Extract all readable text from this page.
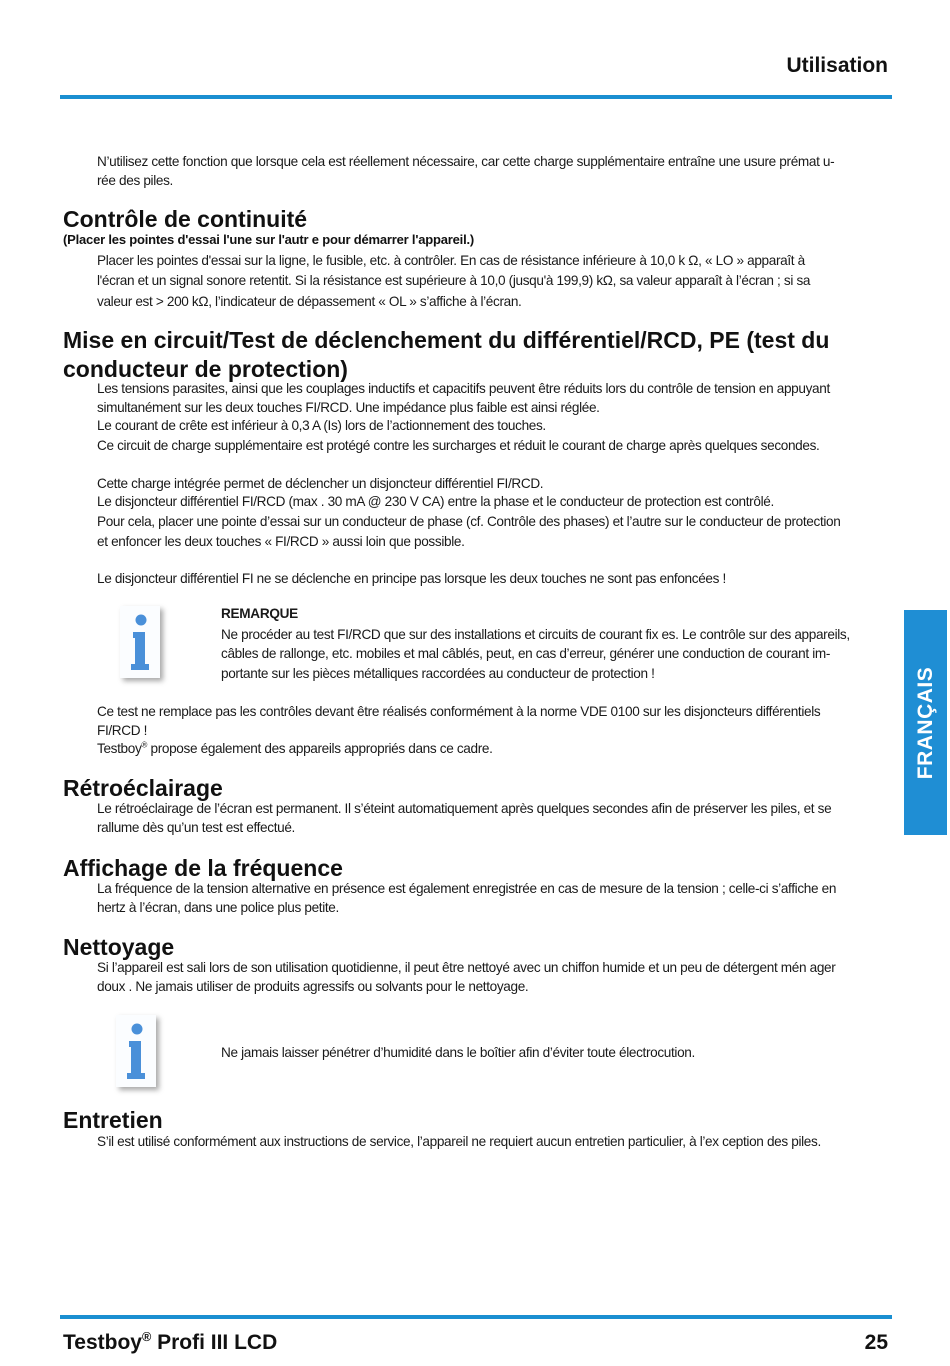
Utilisation
FRANÇAIS

N’utilisez cette fonction que lorsque cela est réellement nécessaire, car cette charge supplémentaire entraîne une usure prémat u-

rée des piles.

Contrôle de continuité
(Placer les pointes d'essai l'une sur l'autr e pour démarrer l'appareil.)

Placer les pointes d'essai sur la ligne, le fusible, etc. à contrôler. En cas de résistance inférieure à 10,0 k Ω, « LO » apparaît à

l'écran et un signal sonore retentit. Si la résistance est supérieure à 10,0 (jusqu'à 199,9) kΩ, sa valeur apparaît à l’écran ; si sa

valeur est > 200 kΩ, l’indicateur de dépassement « OL » s’affiche à l’écran.

Mise en circuit/Test de déclenchement du différentiel/RCD, PE (test du
conducteur de protection)

Les tensions parasites, ainsi que les couplages inductifs et capacitifs peuvent être réduits lors du contrôle de tension en appuyant

simultanément sur les deux touches FI/RCD. Une impédance plus faible est ainsi réglée.

Le courant de crête est inférieur à 0,3 A (Is) lors de l’actionnement des touches.

Ce circuit de charge supplémentaire est protégé contre les surcharges et réduit le courant de charge après quelques secondes.

Cette charge intégrée permet de déclencher un disjoncteur différentiel FI/RCD.

Le disjoncteur différentiel FI/RCD (max . 30 mA @ 230 V CA) entre la phase et le conducteur de protection est contrôlé.

Pour cela, placer une pointe d’essai sur un conducteur de phase (cf. Contrôle des phases) et l’autre sur le conducteur de protection

et enfoncer les deux touches « FI/RCD » aussi loin que possible.

Le disjoncteur différentiel FI ne se déclenche en principe pas lorsque les deux touches ne sont pas enfoncées !

REMARQUE

Ne procéder au test FI/RCD que sur des installations et circuits de courant fix es. Le contrôle sur des appareils,

câbles de rallonge, etc. mobiles et mal câblés, peut, en cas d’erreur, générer une conduction de courant im-

portante sur les pièces métalliques raccordées au conducteur de protection !

Ce test ne remplace pas les contrôles devant être réalisés conformément à la norme VDE 0100 sur les disjoncteurs différentiels

FI/RCD !

Testboy® propose également des appareils appropriés dans ce cadre.

Rétroéclairage

Le rétroéclairage de l’écran est permanent. Il s’éteint automatiquement après quelques secondes afin de préserver les piles, et se

rallume dès qu’un test est effectué.

Affichage de la fréquence

La fréquence de la tension alternative en présence est également enregistrée en cas de mesure de la tension ; celle-ci s’affiche en

hertz à l’écran, dans une police plus petite.

Nettoyage

Si l’appareil est sali lors de son utilisation quotidienne, il peut être nettoyé avec un chiffon humide et un peu de détergent mén ager

doux . Ne jamais utiliser de produits agressifs ou solvants pour le nettoyage.

Ne jamais laisser pénétrer d’humidité dans le boîtier afin d’éviter toute électrocution.

Entretien

S’il est utilisé conformément aux instructions de service, l’appareil ne requiert aucun entretien particulier, à l’ex ception des piles.

Testboy® Profi III LCD	25
